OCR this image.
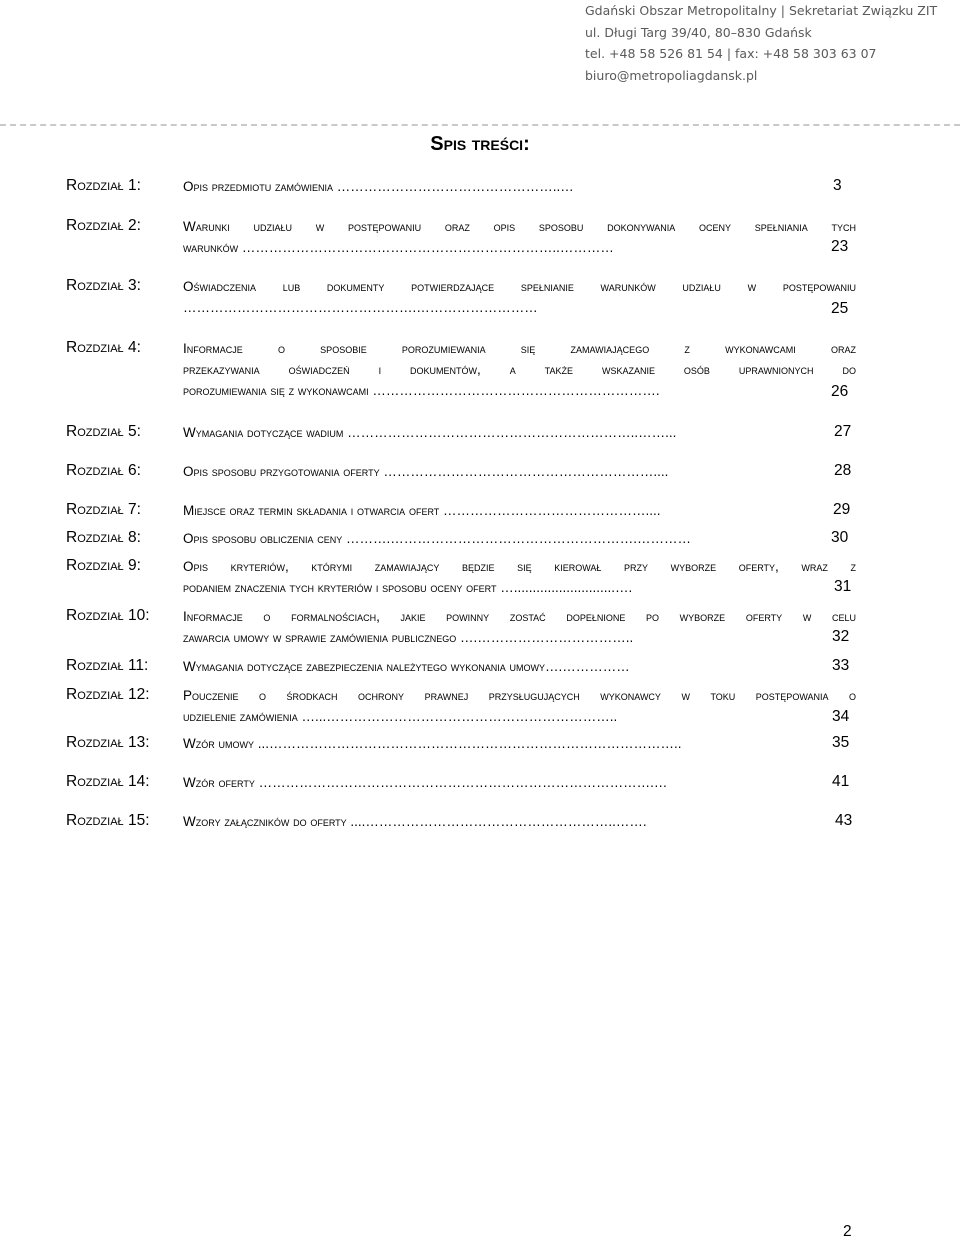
Gdański Obszar Metropolitalny | Sekretariat Związku ZIT
ul. Długi Targ 39/40, 80–830 Gdańsk
tel. +48 58 526 81 54 | fax: +48 58 303 63 07
biuro@metropoliagdansk.pl
Spis treści:
Rozdział 1:	Opis przedmiotu zamówienia …………………………………………..…	3
Rozdział 2:	Warunki udziału w postępowaniu oraz opis sposobu dokonywania oceny spełniania tych
warunków ……………………………………………………………..…………	23
Rozdział 3:	Oświadczenia lub dokumenty potwierdzające spełnianie warunków udziału w postępowaniu
…………………………………………….………………………	25
Rozdział 4:	Informacje o sposobie porozumiewania się zamawiającego z wykonawcami oraz
przekazywania oświadczeń i dokumentów, a także wskazanie osób uprawnionych do
porozumiewania się z wykonawcami ……………………………………………………….	26
Rozdział 5:	Wymagania dotyczące wadium ………………………………………………………..……...	27
Rozdział 6:	Opis sposobu przygotowania oferty ……………………………………………………....	28
Rozdział 7:	Miejsce oraz termin składania i otwarcia ofert ………………………………………....	29
Rozdział 8:	Opis sposobu obliczenia ceny ……….……………………………………………….…………	30
Rozdział 9:	Opis kryteriów, którymi zamawiający będzie się kierował przy wyborze oferty, wraz z
podaniem znaczenia tych kryteriów i sposobu oceny ofert …...........................….	31
Rozdział 10:	Informacje o formalnościach, jakie powinny zostać dopełnione po wyborze oferty w celu
zawarcia umowy w sprawie zamówienia publicznego ….……………………………..	32
Rozdział 11:	Wymagania dotyczące zabezpieczenia należytego wykonania umowy….……………	33
Rozdział 12:	Pouczenie o środkach ochrony prawnej przysługujących wykonawcy w toku postępowania o
udzielenie zamówienia …...………………………………………………………..	34
Rozdział 13:	Wzór umowy ...………………………………………………………………………………..	35
Rozdział 14:	Wzór oferty …………………………………………………………………………….…	41
Rozdział 15:	Wzory załączników do oferty ....………………………………………………..…….	43
2
